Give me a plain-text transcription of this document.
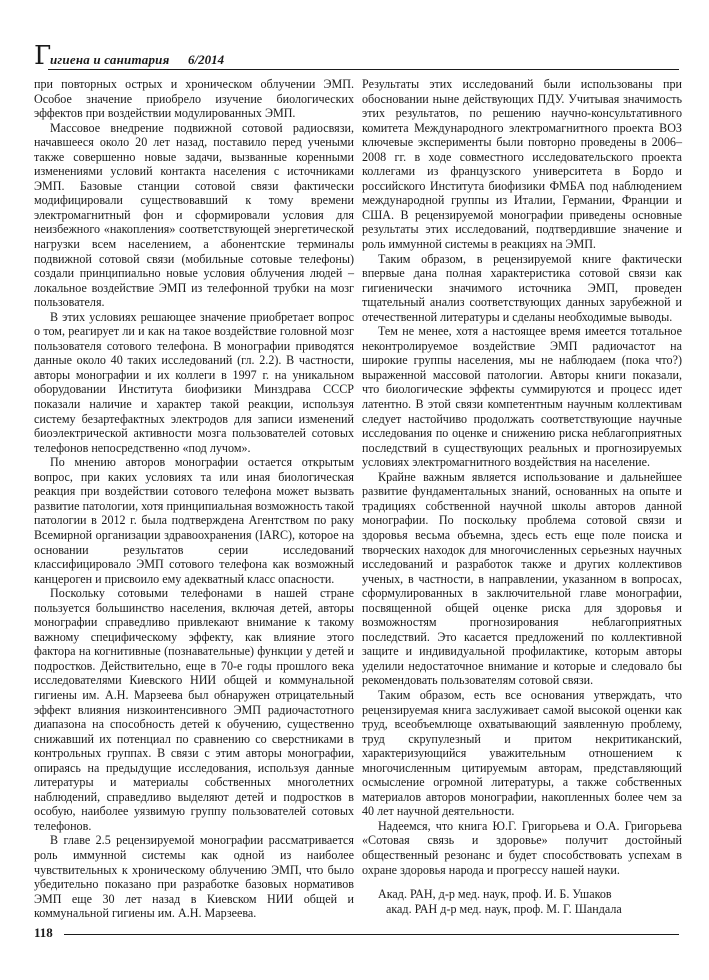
Г
игиена и санитария 6/2014

при повторных острых и хроническом облучении ЭМП. Особое значение приобрело изучение биологических эффектов при воздействии модулированных ЭМП.

Массовое внедрение подвижной сотовой радиосвязи, начавшееся около 20 лет назад, поставило перед учеными также совершенно новые задачи, вызванные коренными изменениями условий контакта населения с источниками ЭМП. Базовые станции сотовой связи фактически модифицировали существовавший к тому времени электромагнитный фон и сформировали условия для неизбежного «накопления» соответствующей энергетической нагрузки всем населением, а абонентские терминалы подвижной сотовой связи (мобильные сотовые телефоны) создали принципиально новые условия облучения людей – локальное воздействие ЭМП из телефонной трубки на мозг пользователя.

В этих условиях решающее значение приобретает вопрос о том, реагирует ли и как на такое воздействие головной мозг пользователя сотового телефона. В монографии приводятся данные около 40 таких исследований (гл. 2.2). В частности, авторы монографии и их коллеги в 1997 г. на уникальном оборудовании Института биофизики Минздрава СССР показали наличие и характер такой реакции, используя систему безартефактных электродов для записи изменений биоэлектрической активности мозга пользователей сотовых телефонов непосредственно «под лучом».

По мнению авторов монографии остается открытым вопрос, при каких условиях та или иная биологическая реакция при воздействии сотового телефона может вызвать развитие патологии, хотя принципиальная возможность такой патологии в 2012 г. была подтверждена Агентством по раку Всемирной организации здравоохранения (IARC), которое на основании результатов серии исследований классифицировало ЭМП сотового телефона как возможный канцероген и присвоило ему адекватный класс опасности.

Поскольку сотовыми телефонами в нашей стране пользуется большинство населения, включая детей, авторы монографии справедливо привлекают внимание к такому важному специфическому эффекту, как влияние этого фактора на когнитивные (познавательные) функции у детей и подростков. Действительно, еще в 70-е годы прошлого века исследователями Киевского НИИ общей и коммунальной гигиены им. А.Н. Марзеева был обнаружен отрицательный эффект влияния низкоинтенсивного ЭМП радиочастотного диапазона на способность детей к обучению, существенно снижавший их потенциал по сравнению со сверстниками в контрольных группах. В связи с этим авторы монографии, опираясь на предыдущие исследования, используя данные литературы и материалы собственных многолетних наблюдений, справедливо выделяют детей и подростков в особую, наиболее уязвимую группу пользователей сотовых телефонов.

В главе 2.5 рецензируемой монографии рассматривается роль иммунной системы как одной из наиболее чувствительных к хроническому облучению ЭМП, что было убедительно показано при разработке базовых нормативов ЭМП еще 30 лет назад в Киевском НИИ общей и коммунальной гигиены им. А.Н. Марзеева.

Результаты этих исследований были использованы при обосновании ныне действующих ПДУ. Учитывая значимость этих результатов, по решению научно-консультативного комитета Международного электромагнитного проекта ВОЗ ключевые эксперименты были повторно проведены в 2006–2008 гг. в ходе совместного исследовательского проекта коллегами из французского университета в Бордо и российского Института биофизики ФМБА под наблюдением международной группы из Италии, Германии, Франции и США. В рецензируемой монографии приведены основные результаты этих исследований, подтвердившие значение и роль иммунной системы в реакциях на ЭМП.

Таким образом, в рецензируемой книге фактически впервые дана полная характеристика сотовой связи как гигиенически значимого источника ЭМП, проведен тщательный анализ соответствующих данных зарубежной и отечественной литературы и сделаны необходимые выводы.

Тем не менее, хотя а настоящее время имеется тотальное неконтролируемое воздействие ЭМП радиочастот на широкие группы населения, мы не наблюдаем (пока что?) выраженной массовой патологии. Авторы книги показали, что биологические эффекты суммируются и процесс идет латентно. В этой связи компетентным научным коллективам следует настойчиво продолжать соответствующие научные исследования по оценке и снижению риска неблагоприятных последствий в существующих реальных и прогнозируемых условиях электромагнитного воздействия на население.

Крайне важным является использование и дальнейшее развитие фундаментальных знаний, основанных на опыте и традициях собственной научной школы авторов данной монографии. По поскольку проблема сотовой связи и здоровья весьма объемна, здесь есть еще поле поиска и творческих находок для многочисленных серьезных научных исследований и разработок также и других коллективов ученых, в частности, в направлении, указанном в вопросах, сформулированных в заключительной главе монографии, посвященной общей оценке риска для здоровья и возможностям прогнозирования неблагоприятных последствий. Это касается предложений по коллективной защите и индивидуальной профилактике, которым авторы уделили недостаточное внимание и которые и следовало бы рекомендовать пользователям сотовой связи.

Таким образом, есть все основания утверждать, что рецензируемая книга заслуживает самой высокой оценки как труд, всеобъемлюще охватывающий заявленную проблему, труд скрупулезный и притом некритиканский, характеризующийся уважительным отношением к многочисленным цитируемым авторам, представляющий осмысление огромной литературы, а также собственных материалов авторов монографии, накопленных более чем за 40 лет научной деятельности.

Надеемся, что книга Ю.Г. Григорьева и О.А. Григорьева «Сотовая связь и здоровье» получит достойный общественный резонанс и будет способствовать успехам в охране здоровья народа и прогрессу нашей науки.

Акад. РАН, д-р мед. наук, проф. И. Б. Ушаков
акад. РАН д-р мед. наук, проф. М. Г. Шандала
118
